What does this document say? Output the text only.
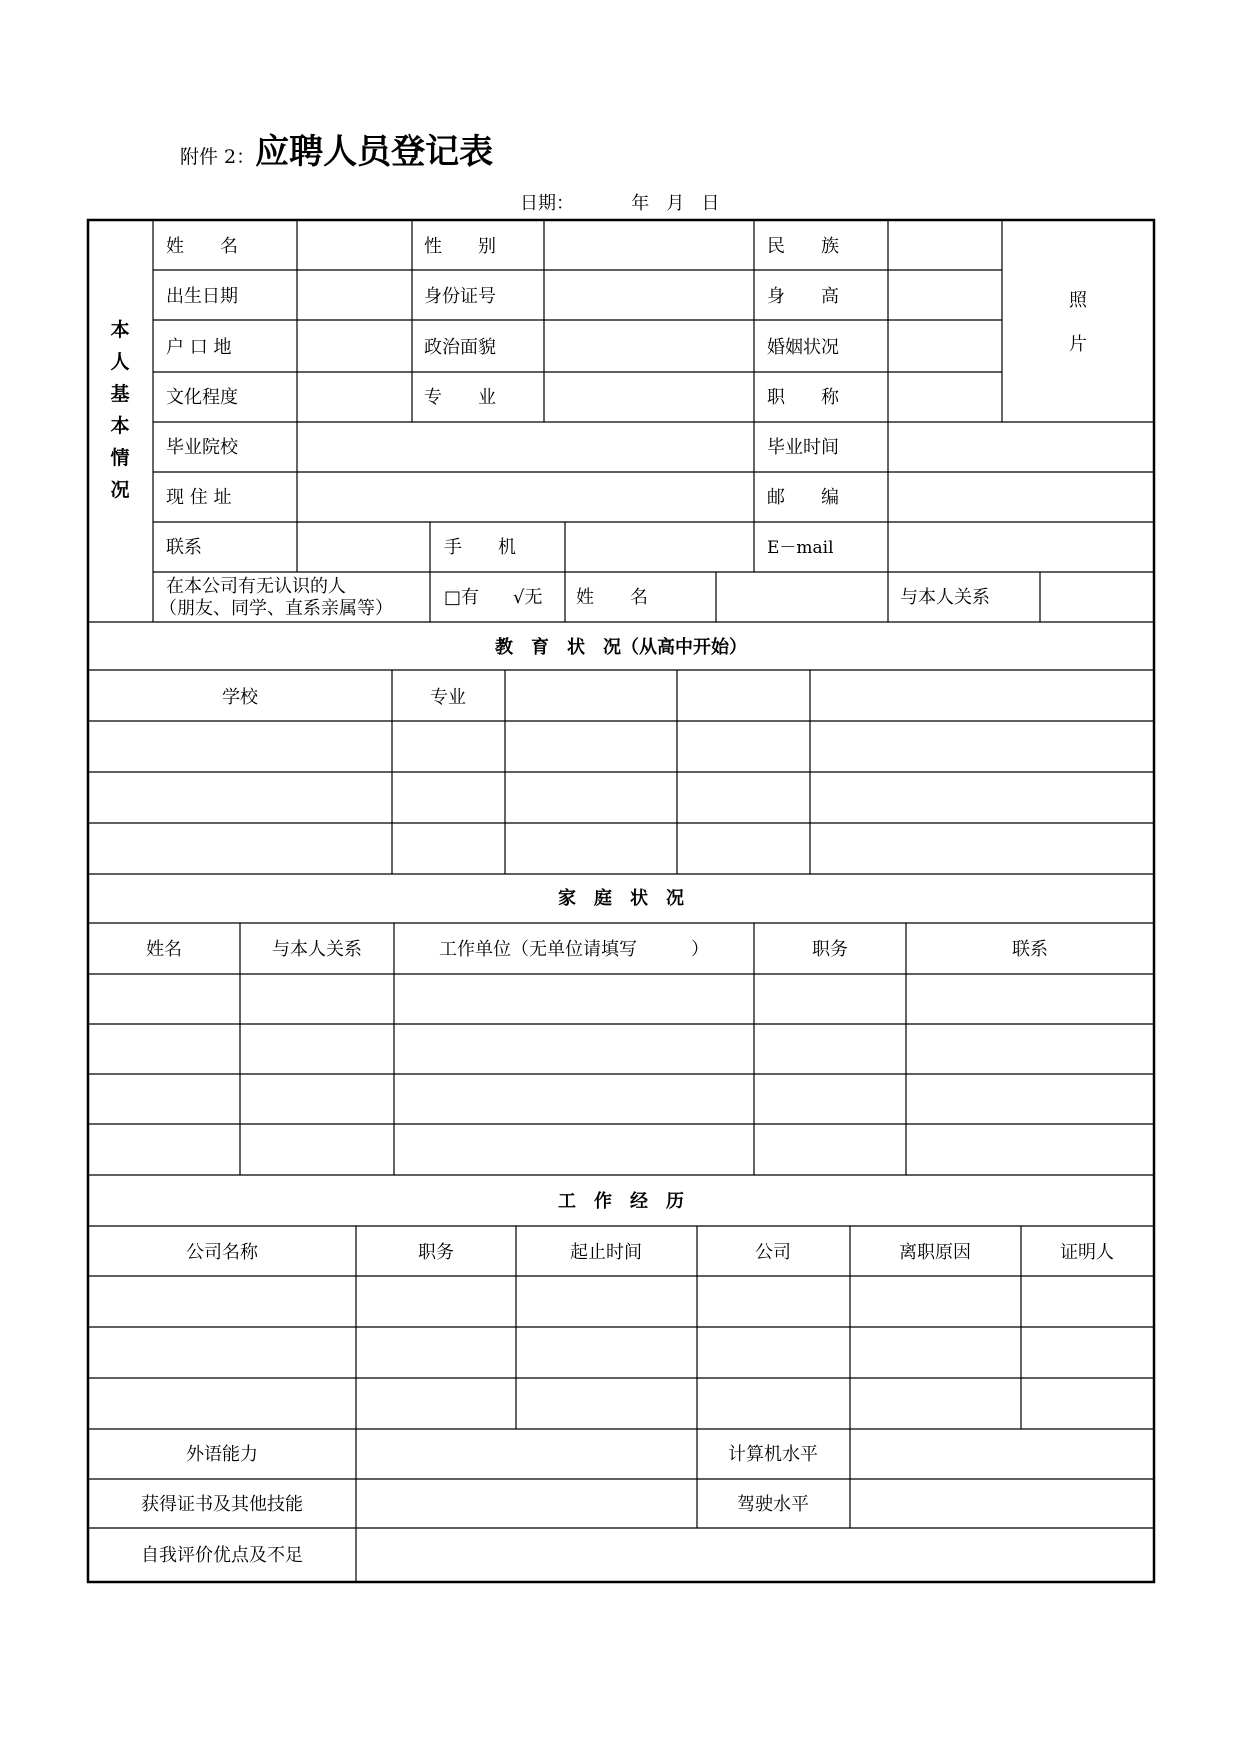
附件 2：应聘人员登记表
日期：          年   月   日
本
人
基
本
情
况
姓　　名	性　　别	民　　族
照
片
出生日期	身份证号	身　　高
户 口 地	政治面貌	婚姻状况
文化程度	专　　业	职　　称
毕业院校	毕业时间
现 住 址	邮　　编
联系	手　　机	E－mail
在本公司有无认识的人
（朋友、同学、直系亲属等）
□有 √无 姓　　名	与本人关系
教　育　状　况（从高中开始）
学校	专业
家　庭　状　况
姓名	与本人关系	工作单位（无单位请填写　　　）	职务	联系
工　作　经　历
公司名称	职务	起止时间	公司	离职原因	证明人
外语能力	计算机水平
获得证书及其他技能	驾驶水平
自我评价优点及不足
